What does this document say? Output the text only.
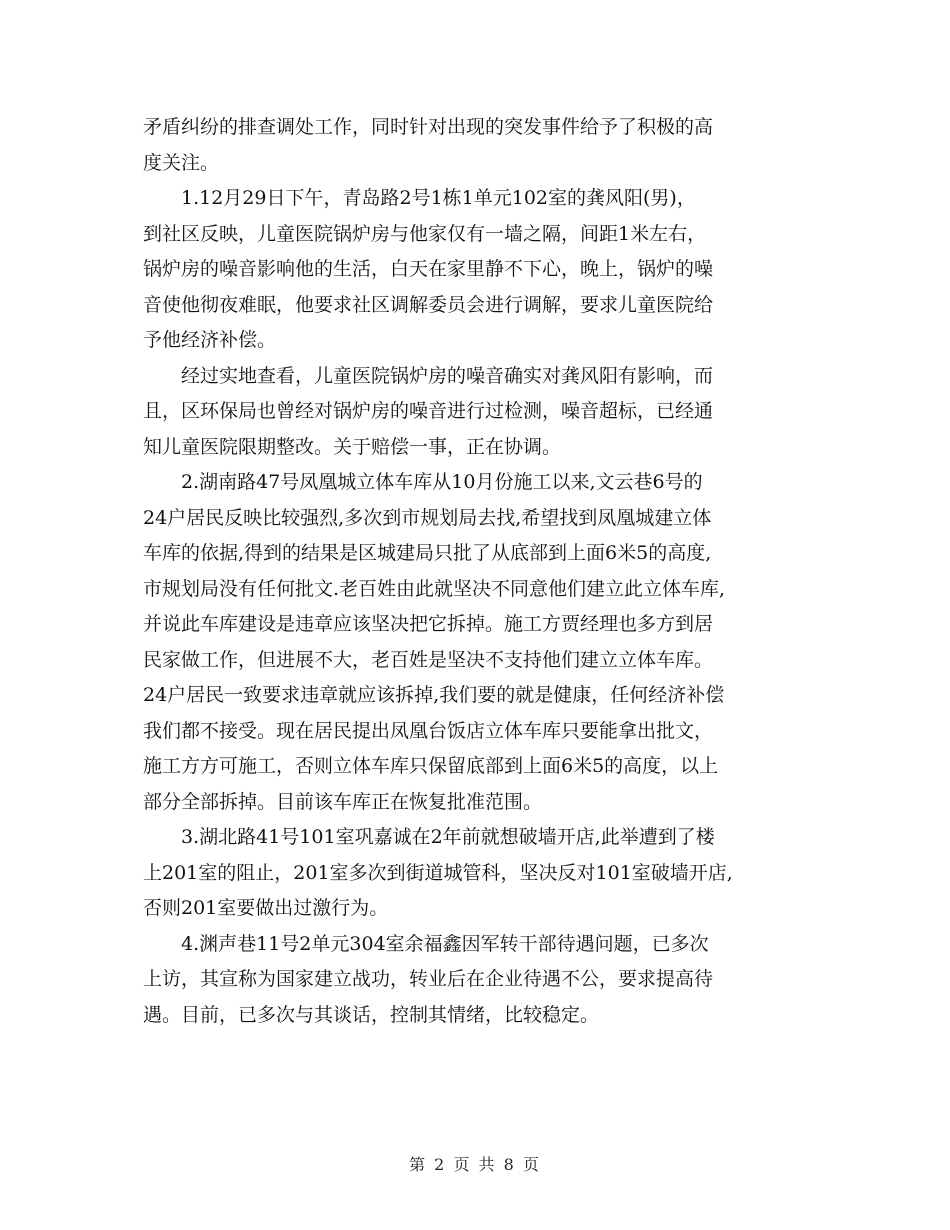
矛盾纠纷的排查调处工作，同时针对出现的突发事件给予了积极的高
度关注。
1.12月29日下午，青岛路2号1栋1单元102室的龚风阳(男)，
到社区反映，儿童医院锅炉房与他家仅有一墙之隔，间距1米左右，
锅炉房的噪音影响他的生活，白天在家里静不下心，晚上，锅炉的噪
音使他彻夜难眠，他要求社区调解委员会进行调解，要求儿童医院给
予他经济补偿。
经过实地查看，儿童医院锅炉房的噪音确实对龚风阳有影响，而
且，区环保局也曾经对锅炉房的噪音进行过检测，噪音超标，已经通
知儿童医院限期整改。关于赔偿一事，正在协调。
2.湖南路47号凤凰城立体车库从10月份施工以来,文云巷6号的
24户居民反映比较强烈,多次到市规划局去找,希望找到凤凰城建立体
车库的依据,得到的结果是区城建局只批了从底部到上面6米5的高度,
市规划局没有任何批文.老百姓由此就坚决不同意他们建立此立体车库,
并说此车库建设是违章应该坚决把它拆掉。施工方贾经理也多方到居
民家做工作，但进展不大，老百姓是坚决不支持他们建立立体车库。
24户居民一致要求违章就应该拆掉,我们要的就是健康，任何经济补偿
我们都不接受。现在居民提出凤凰台饭店立体车库只要能拿出批文，
施工方方可施工，否则立体车库只保留底部到上面6米5的高度，以上
部分全部拆掉。目前该车库正在恢复批准范围。
3.湖北路41号101室巩嘉诚在2年前就想破墙开店,此举遭到了楼
上201室的阻止，201室多次到街道城管科，坚决反对101室破墙开店,
否则201室要做出过激行为。
4.渊声巷11号2单元304室余福鑫因军转干部待遇问题，已多次
上访，其宣称为国家建立战功，转业后在企业待遇不公，要求提高待
遇。目前，已多次与其谈话，控制其情绪，比较稳定。
第 2 页 共 8 页
